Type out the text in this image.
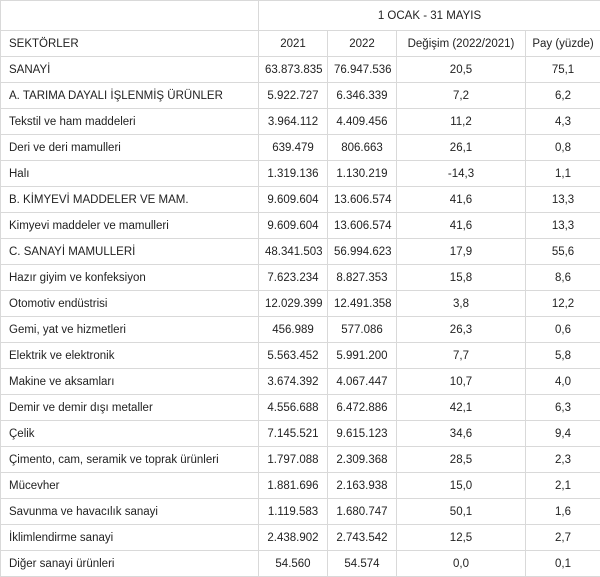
	1 OCAK - 31 MAYIS			
SEKTÖRLER	2021	2022	Değişim (2022/2021)	Pay (yüzde)
SANAYİ	63.873.835	76.947.536	20,5	75,1
A. TARIMA DAYALI İŞLENMİŞ ÜRÜNLER	5.922.727	6.346.339	7,2	6,2
Tekstil ve ham maddeleri	3.964.112	4.409.456	11,2	4,3
Deri ve deri mamulleri	639.479	806.663	26,1	0,8
Halı	1.319.136	1.130.219	-14,3	1,1
B. KİMYEVİ MADDELER VE MAM.	9.609.604	13.606.574	41,6	13,3
Kimyevi maddeler ve mamulleri	9.609.604	13.606.574	41,6	13,3
C. SANAYİ MAMULLERİ	48.341.503	56.994.623	17,9	55,6
Hazır giyim ve konfeksiyon	7.623.234	8.827.353	15,8	8,6
Otomotiv endüstrisi	12.029.399	12.491.358	3,8	12,2
Gemi, yat ve hizmetleri	456.989	577.086	26,3	0,6
Elektrik ve elektronik	5.563.452	5.991.200	7,7	5,8
Makine ve aksamları	3.674.392	4.067.447	10,7	4,0
Demir ve demir dışı metaller	4.556.688	6.472.886	42,1	6,3
Çelik	7.145.521	9.615.123	34,6	9,4
Çimento, cam, seramik ve toprak ürünleri	1.797.088	2.309.368	28,5	2,3
Mücevher	1.881.696	2.163.938	15,0	2,1
Savunma ve havacılık sanayi	1.119.583	1.680.747	50,1	1,6
İklimlendirme sanayi	2.438.902	2.743.542	12,5	2,7
Diğer sanayi ürünleri	54.560	54.574	0,0	0,1
